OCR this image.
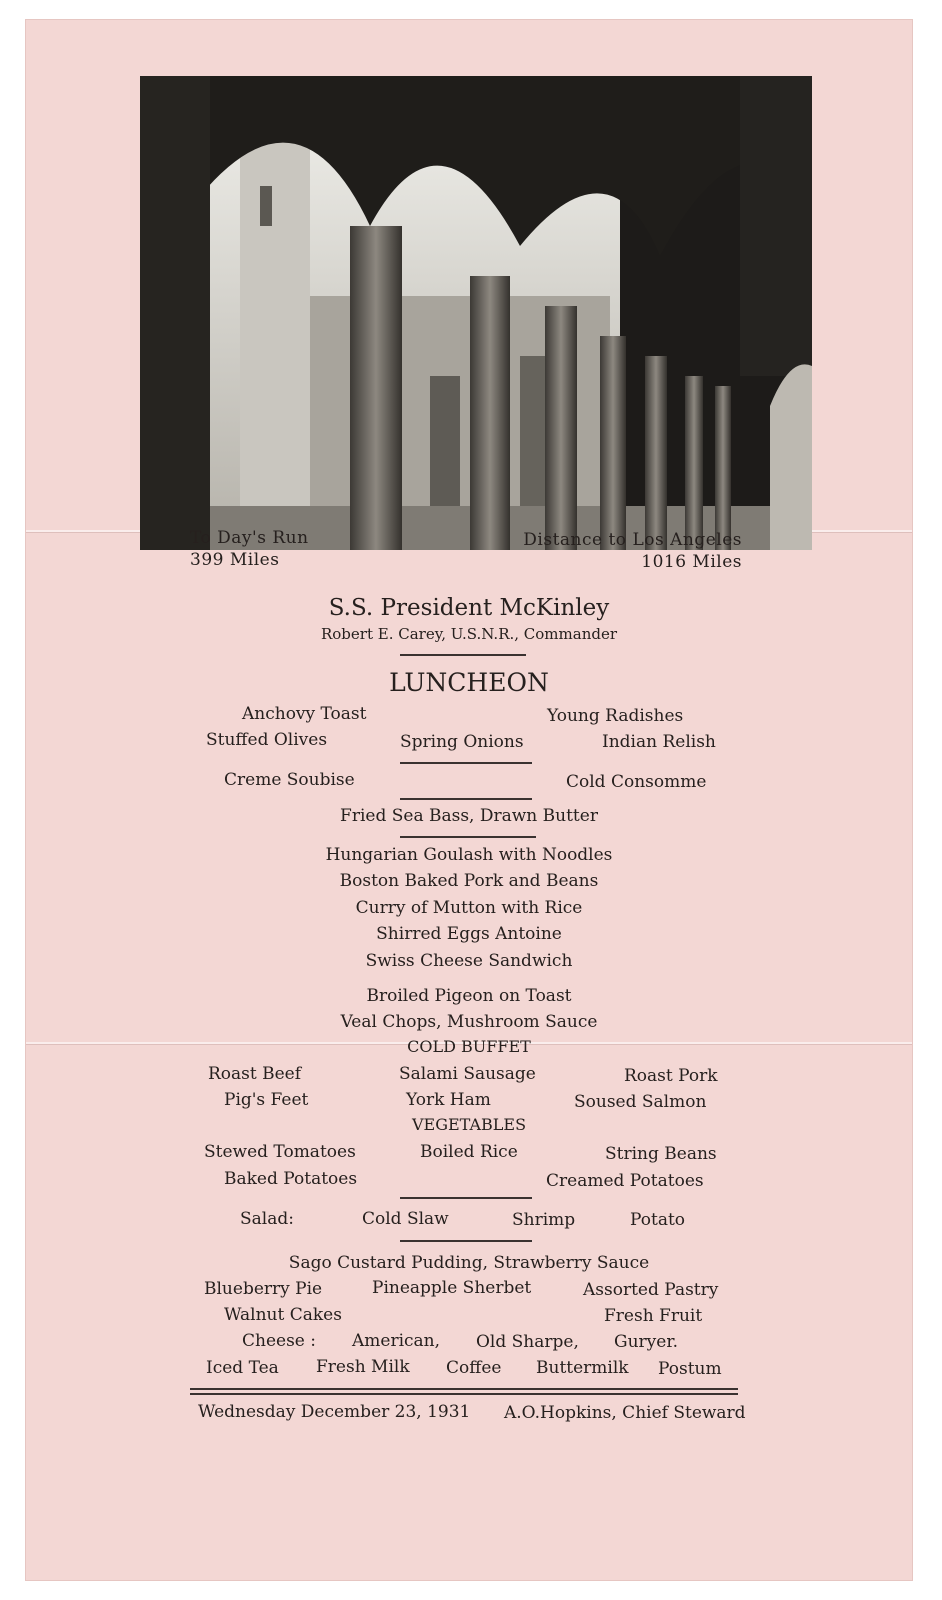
To Day's Run
399 Miles
Distance to Los Angeles
1016 Miles
S.S. President McKinley
Robert E. Carey, U.S.N.R., Commander
LUNCHEON
Anchovy Toast	Young Radishes
Stuffed Olives	Spring Onions	Indian Relish
Creme Soubise	Cold Consomme
Fried Sea Bass, Drawn Butter
Hungarian Goulash with Noodles
Boston Baked Pork and Beans
Curry of Mutton with Rice
Shirred Eggs Antoine
Swiss Cheese Sandwich
Broiled Pigeon on Toast
Veal Chops, Mushroom Sauce
COLD BUFFET
Roast Beef	Salami Sausage	Roast Pork
Pig's Feet	York Ham	Soused Salmon
VEGETABLES
Stewed Tomatoes	Boiled Rice	String Beans
Baked Potatoes	Creamed Potatoes
Salad:	Cold Slaw	Shrimp	Potato
Sago Custard Pudding, Strawberry Sauce
Blueberry Pie	Pineapple Sherbet	Assorted Pastry
Walnut Cakes	Fresh Fruit
Cheese : American, Old Sharpe, Guryer.
Iced Tea Fresh Milk Coffee Buttermilk Postum
Wednesday December 23, 1931 A.O.Hopkins, Chief Steward
